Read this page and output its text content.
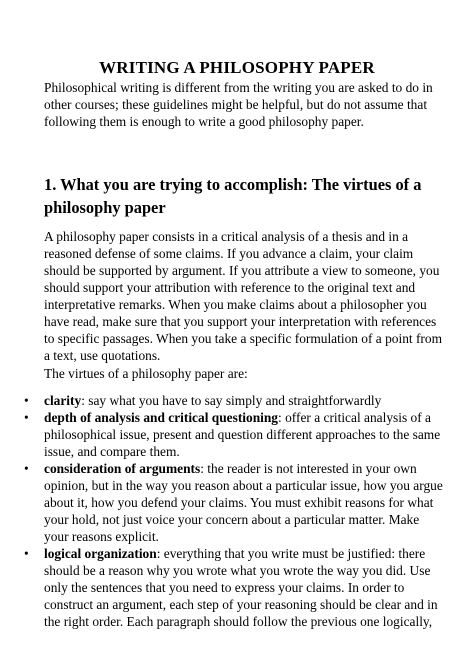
WRITING A PHILOSOPHY PAPER
Philosophical writing is different from the writing you are asked to do in
other courses; these guidelines might be helpful, but do not assume that
following them is enough to write a good philosophy paper.
1. What you are trying to accomplish: The virtues of a
philosophy paper
A philosophy paper consists in a critical analysis of a thesis and in a
reasoned defense of some claims. If you advance a claim, your claim
should be supported by argument. If you attribute a view to someone, you
should support your attribution with reference to the original text and
interpretative remarks. When you make claims about a philosopher you
have read, make sure that you support your interpretation with references
to specific passages. When you take a specific formulation of a point from
a text, use quotations.
The virtues of a philosophy paper are:
• clarity: say what you have to say simply and straightforwardly
• depth of analysis and critical questioning: offer a critical analysis of a
philosophical issue, present and question different approaches to the same
issue, and compare them.
• consideration of arguments: the reader is not interested in your own
opinion, but in the way you reason about a particular issue, how you argue
about it, how you defend your claims. You must exhibit reasons for what
your hold, not just voice your concern about a particular matter. Make
your reasons explicit.
• logical organization: everything that you write must be justified: there
should be a reason why you wrote what you wrote the way you did. Use
only the sentences that you need to express your claims. In order to
construct an argument, each step of your reasoning should be clear and in
the right order. Each paragraph should follow the previous one logically,
